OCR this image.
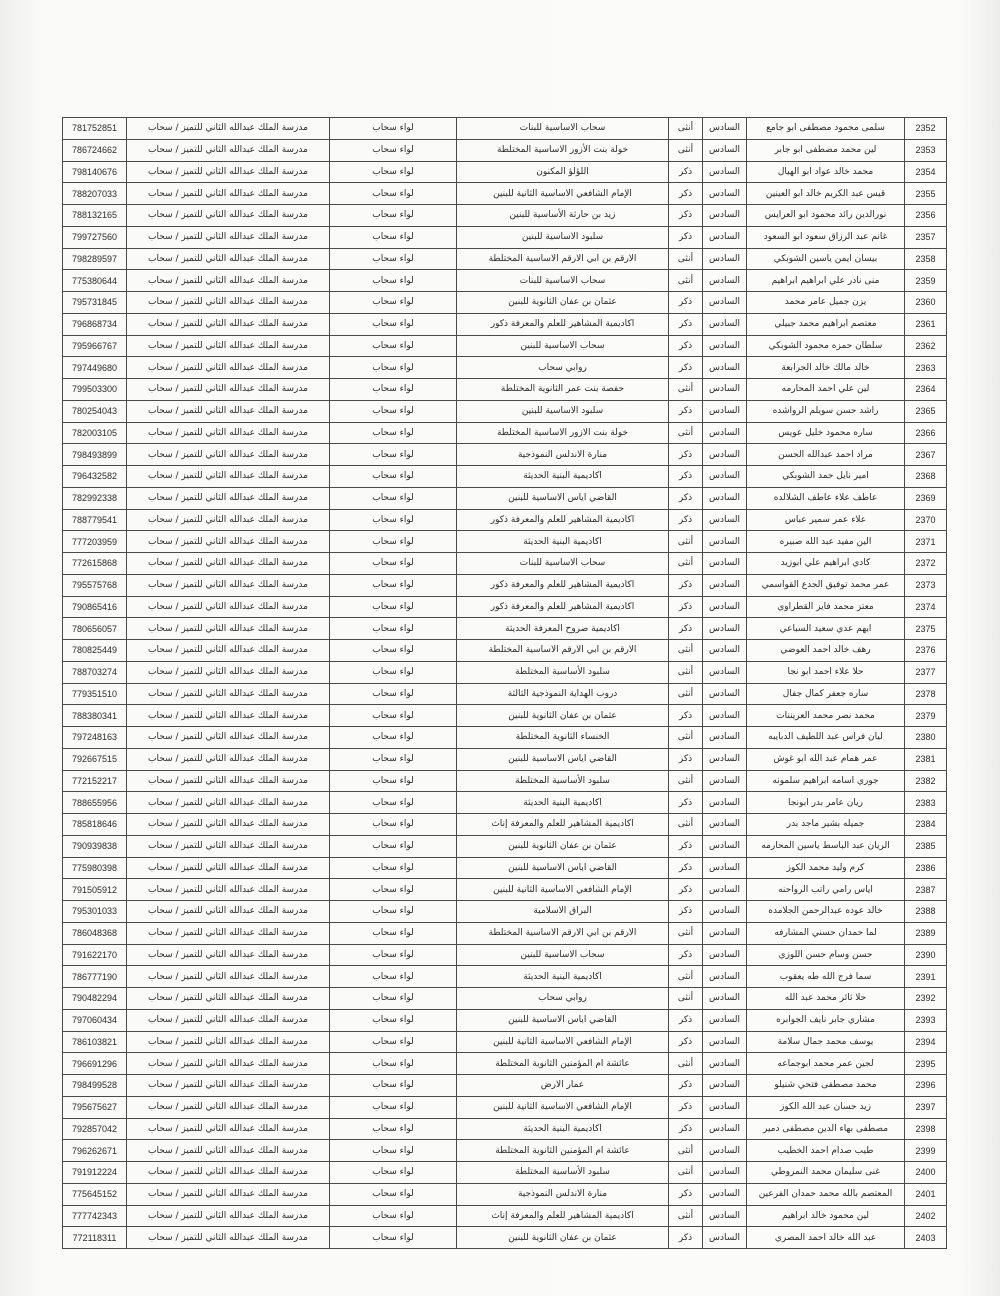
781752851	مدرسة الملك عبدالله الثاني للتميز / سحاب	لواء سحاب	سحاب الاساسية للبنات	أنثى	السادس	سلمى محمود مصطفى ابو جامع	2352
786724662	مدرسة الملك عبدالله الثاني للتميز / سحاب	لواء سحاب	خولة بنت الأزور الاساسية المختلطة	أنثى	السادس	لين محمد مصطفى ابو جابر	2353
798140676	مدرسة الملك عبدالله الثاني للتميز / سحاب	لواء سحاب	اللؤلؤ المكنون	ذكر	السادس	محمد خالد عواد ابو الهيال	2354
788207033	مدرسة الملك عبدالله الثاني للتميز / سحاب	لواء سحاب	الإمام الشافعي الاساسية الثانية للبنين	ذكر	السادس	قيس عبد الكريم خالد ابو العينين	2355
788132165	مدرسة الملك عبدالله الثاني للتميز / سحاب	لواء سحاب	زيد بن حارثة الأساسية للبنين	ذكر	السادس	نورالدين رائد محمود ابو العرايس	2356
799727560	مدرسة الملك عبدالله الثاني للتميز / سحاب	لواء سحاب	سلبود الاساسية للبنين	ذكر	السادس	غانم عبد الرزاق سعود ابو السعود	2357
798289597	مدرسة الملك عبدالله الثاني للتميز / سحاب	لواء سحاب	الارقم بن ابي الارقم الاساسية المختلطة	أنثى	السادس	بيسان ايمن ياسين الشوبكي	2358
775380644	مدرسة الملك عبدالله الثاني للتميز / سحاب	لواء سحاب	سحاب الاساسية للبنات	أنثى	السادس	منى نادر علي ابراهيم ابراهيم	2359
795731845	مدرسة الملك عبدالله الثاني للتميز / سحاب	لواء سحاب	عثمان بن عفان الثانوية للبنين	ذكر	السادس	يزن جميل عامر محمد	2360
796868734	مدرسة الملك عبدالله الثاني للتميز / سحاب	لواء سحاب	اكاديمية المشاهير للعلم والمعرفة ذكور	ذكر	السادس	معتصم ابراهيم محمد جبيلي	2361
795966767	مدرسة الملك عبدالله الثاني للتميز / سحاب	لواء سحاب	سحاب الاساسية للبنين	ذكر	السادس	سلطان حمزه محمود الشوبكي	2362
797449680	مدرسة الملك عبدالله الثاني للتميز / سحاب	لواء سحاب	روابي سحاب	ذكر	السادس	خالد مالك خالد الجرابعة	2363
799503300	مدرسة الملك عبدالله الثاني للتميز / سحاب	لواء سحاب	حفصة بنت عمر الثانوية المختلطة	أنثى	السادس	لين علي احمد المحارمه	2364
780254043	مدرسة الملك عبدالله الثاني للتميز / سحاب	لواء سحاب	سلبود الاساسية للبنين	ذكر	السادس	راشد حسن سويلم الرواشده	2365
782003105	مدرسة الملك عبدالله الثاني للتميز / سحاب	لواء سحاب	خولة بنت الازور الاساسية المختلطة	أنثى	السادس	ساره محمود خليل عويس	2366
798493899	مدرسة الملك عبدالله الثاني للتميز / سحاب	لواء سحاب	منارة الاندلس النموذجية	ذكر	السادس	مراد احمد عبدالله الحسن	2367
796432582	مدرسة الملك عبدالله الثاني للتميز / سحاب	لواء سحاب	اكاديمية البنية الحديثة	ذكر	السادس	امير نايل حمد الشوبكي	2368
782992338	مدرسة الملك عبدالله الثاني للتميز / سحاب	لواء سحاب	القاضي اياس الاساسية للبنين	ذكر	السادس	عاطف علاء عاطف الشلالده	2369
788779541	مدرسة الملك عبدالله الثاني للتميز / سحاب	لواء سحاب	اكاديمية المشاهير للعلم والمعرفة ذكور	ذكر	السادس	علاء عمر سمير عباس	2370
777203959	مدرسة الملك عبدالله الثاني للتميز / سحاب	لواء سحاب	اكاديمية البنية الحديثة	أنثى	السادس	الين مفيد عبد الله صبيره	2371
772615868	مدرسة الملك عبدالله الثاني للتميز / سحاب	لواء سحاب	سحاب الاساسية للبنات	أنثى	السادس	كادي ابراهيم علي ابوزيد	2372
795575768	مدرسة الملك عبدالله الثاني للتميز / سحاب	لواء سحاب	اكاديمية المشاهير للعلم والمعرفة ذكور	ذكر	السادس	عمر محمد توفيق الجدع القواسمي	2373
790865416	مدرسة الملك عبدالله الثاني للتميز / سحاب	لواء سحاب	اكاديمية المشاهير للعلم والمعرفة ذكور	ذكر	السادس	معتز محمد فايز القطراوي	2374
780656057	مدرسة الملك عبدالله الثاني للتميز / سحاب	لواء سحاب	اكاديمية صروح المعرفة الحديثة	ذكر	السادس	ايهم عدي سعيد السباعي	2375
780825449	مدرسة الملك عبدالله الثاني للتميز / سحاب	لواء سحاب	الارقم بن ابي الارقم الاساسية المختلطة	أنثى	السادس	رهف خالد احمد العوضي	2376
788703274	مدرسة الملك عبدالله الثاني للتميز / سحاب	لواء سحاب	سلبود الأساسية المختلطة	أنثى	السادس	حلا علاء احمد ابو نجا	2377
779351510	مدرسة الملك عبدالله الثاني للتميز / سحاب	لواء سحاب	دروب الهداية النموذجية الثالثة	أنثى	السادس	ساره جعفر كمال جفال	2378
788380341	مدرسة الملك عبدالله الثاني للتميز / سحاب	لواء سحاب	عثمان بن عفان الثانوية للبنين	ذكر	السادس	محمد نصر محمد العريننات	2379
797248163	مدرسة الملك عبدالله الثاني للتميز / سحاب	لواء سحاب	الخنساء الثانوية المختلطة	أنثى	السادس	ليان فراس عبد اللطيف الدبايبه	2380
792667515	مدرسة الملك عبدالله الثاني للتميز / سحاب	لواء سحاب	القاضي اياس الاساسية للبنين	ذكر	السادس	عمر همام عبد الله ابو غوش	2381
772152217	مدرسة الملك عبدالله الثاني للتميز / سحاب	لواء سحاب	سلبود الأساسية المختلطة	أنثى	السادس	جوري اسامه ابراهيم سلمونه	2382
788655956	مدرسة الملك عبدالله الثاني للتميز / سحاب	لواء سحاب	اكاديمية البنية الحديثة	ذكر	السادس	ريان عامر بدر ابونجا	2383
785818646	مدرسة الملك عبدالله الثاني للتميز / سحاب	لواء سحاب	اكاديمية المشاهير للعلم والمعرفة إناث	أنثى	السادس	جميله بشير ماجد بدر	2384
790939838	مدرسة الملك عبدالله الثاني للتميز / سحاب	لواء سحاب	عثمان بن عفان الثانوية للبنين	ذكر	السادس	الريان عبد الباسط ياسين المحارمه	2385
775980398	مدرسة الملك عبدالله الثاني للتميز / سحاب	لواء سحاب	القاضي اياس الاساسية للبنين	ذكر	السادس	كرم وليد محمد الكوز	2386
791505912	مدرسة الملك عبدالله الثاني للتميز / سحاب	لواء سحاب	الإمام الشافعي الاساسية الثانية للبنين	ذكر	السادس	اياس رامي راتب الرواحنه	2387
795301033	مدرسة الملك عبدالله الثاني للتميز / سحاب	لواء سحاب	البراق الاسلامية	ذكر	السادس	خالد عوده عبدالرحمن الجلامده	2388
786048368	مدرسة الملك عبدالله الثاني للتميز / سحاب	لواء سحاب	الارقم بن ابي الارقم الاساسية المختلطة	أنثى	السادس	لما حمدان حسني المشارفه	2389
791622170	مدرسة الملك عبدالله الثاني للتميز / سحاب	لواء سحاب	سحاب الاساسية للبنين	ذكر	السادس	حسن وسام حسن اللوزي	2390
786777190	مدرسة الملك عبدالله الثاني للتميز / سحاب	لواء سحاب	اكاديمية البنية الحديثة	أنثى	السادس	سما فرج الله طه يعقوب	2391
790482294	مدرسة الملك عبدالله الثاني للتميز / سحاب	لواء سحاب	روابي سحاب	أنثى	السادس	حلا ثائر محمد عبد الله	2392
797060434	مدرسة الملك عبدالله الثاني للتميز / سحاب	لواء سحاب	القاضي اياس الاساسية للبنين	ذكر	السادس	مشاري جابر نايف الجوابره	2393
786103821	مدرسة الملك عبدالله الثاني للتميز / سحاب	لواء سحاب	الإمام الشافعي الاساسية الثانية للبنين	ذكر	السادس	يوسف محمد جمال سلامة	2394
796691296	مدرسة الملك عبدالله الثاني للتميز / سحاب	لواء سحاب	عائشة ام المؤمنين الثانوية المختلطة	أنثى	السادس	لجين عمر محمد ابوجماعه	2395
798499528	مدرسة الملك عبدالله الثاني للتميز / سحاب	لواء سحاب	عمار الارض	ذكر	السادس	محمد مصطفى فتحي شنيلو	2396
795675627	مدرسة الملك عبدالله الثاني للتميز / سحاب	لواء سحاب	الإمام الشافعي الاساسية الثانية للبنين	ذكر	السادس	زيد حسان عبد الله الكوز	2397
792857042	مدرسة الملك عبدالله الثاني للتميز / سحاب	لواء سحاب	اكاديمية البنية الحديثة	ذكر	السادس	مصطفى بهاء الدين مصطفى دمير	2398
796262671	مدرسة الملك عبدالله الثاني للتميز / سحاب	لواء سحاب	عائشة ام المؤمنين الثانوية المختلطة	أنثى	السادس	طيب صدام احمد الخطيب	2399
791912224	مدرسة الملك عبدالله الثاني للتميز / سحاب	لواء سحاب	سلبود الأساسية المختلطة	أنثى	السادس	غنى سليمان محمد النمروطي	2400
775645152	مدرسة الملك عبدالله الثاني للتميز / سحاب	لواء سحاب	منارة الاندلس النموذجية	ذكر	السادس	المعتصم بالله محمد حمدان الفرعين	2401
777742343	مدرسة الملك عبدالله الثاني للتميز / سحاب	لواء سحاب	اكاديمية المشاهير للعلم والمعرفة إناث	أنثى	السادس	لين محمود خالد ابراهيم	2402
772118311	مدرسة الملك عبدالله الثاني للتميز / سحاب	لواء سحاب	عثمان بن عفان الثانوية للبنين	ذكر	السادس	عبد الله خالد احمد المصري	2403
